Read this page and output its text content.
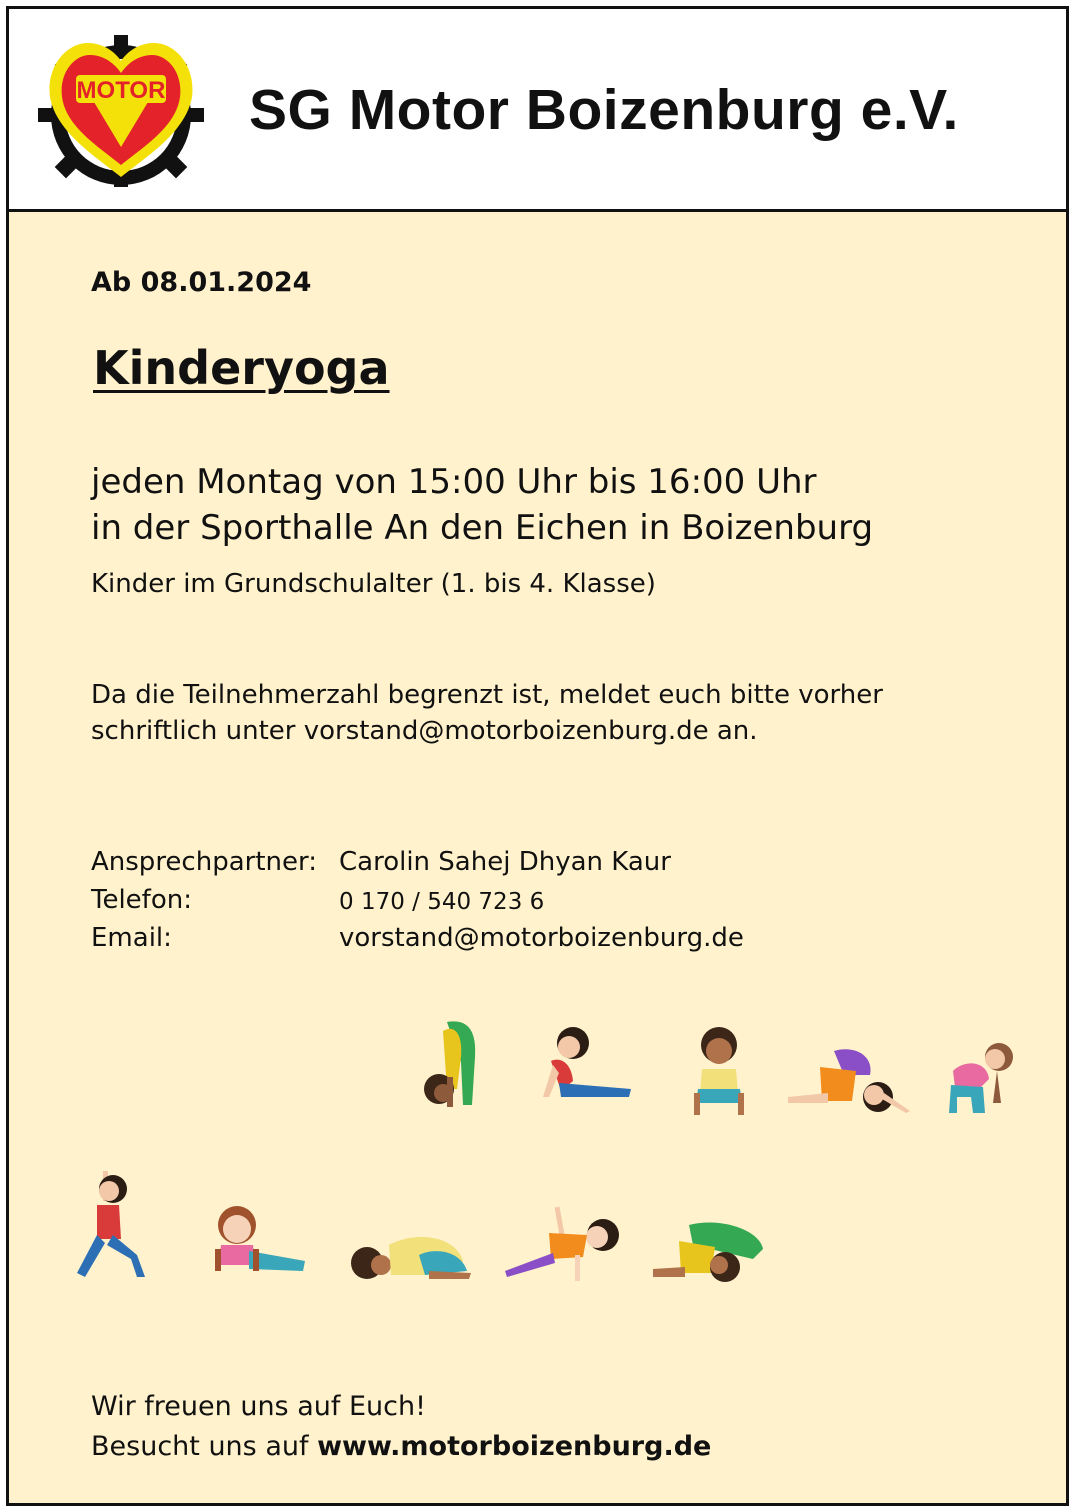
MOTOR SG Motor Boizenburg e.V.
Ab 08.01.2024
Kinderyoga
jeden Montag von 15:00 Uhr bis 16:00 Uhr
in der Sporthalle An den Eichen in Boizenburg
Kinder im Grundschulalter (1. bis 4. Klasse)
Da die Teilnehmerzahl begrenzt ist, meldet euch bitte vorher
schriftlich unter vorstand@motorboizenburg.de an.
Ansprechpartner: Carolin Sahej Dhyan Kaur
Telefon:	0 170 / 540 723 6
Email:	vorstand@motorboizenburg.de
Wir freuen uns auf Euch!
Besucht uns auf www.motorboizenburg.de
